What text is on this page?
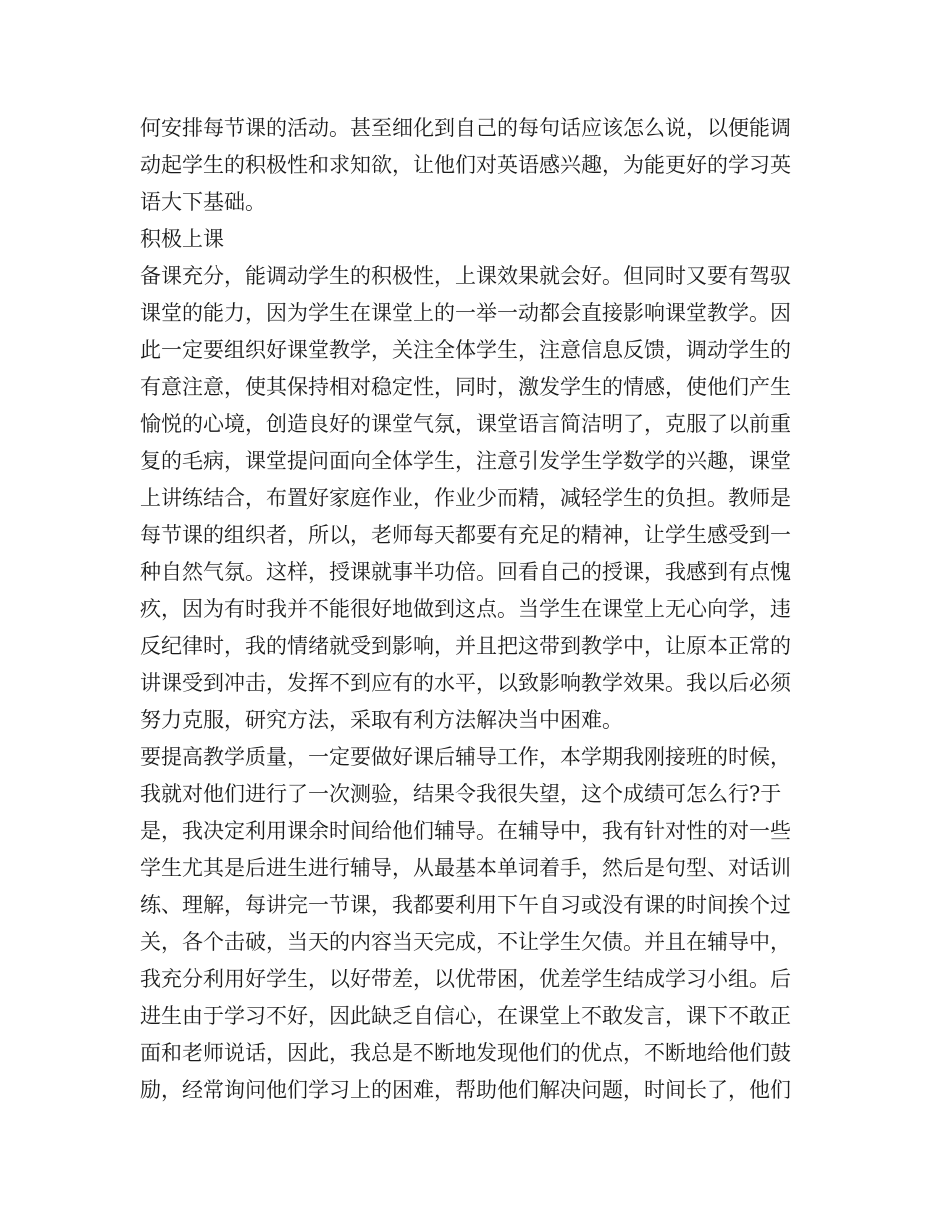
何安排每节课的活动。甚至细化到自己的每句话应该怎么说，以便能调
动起学生的积极性和求知欲，让他们对英语感兴趣，为能更好的学习英
语大下基础。

积极上课

备课充分，能调动学生的积极性，上课效果就会好。但同时又要有驾驭
课堂的能力，因为学生在课堂上的一举一动都会直接影响课堂教学。因
此一定要组织好课堂教学，关注全体学生，注意信息反馈，调动学生的
有意注意，使其保持相对稳定性，同时，激发学生的情感，使他们产生
愉悦的心境，创造良好的课堂气氛，课堂语言简洁明了，克服了以前重
复的毛病，课堂提问面向全体学生，注意引发学生学数学的兴趣，课堂
上讲练结合，布置好家庭作业，作业少而精，减轻学生的负担。教师是
每节课的组织者，所以，老师每天都要有充足的精神，让学生感受到一
种自然气氛。这样，授课就事半功倍。回看自己的授课，我感到有点愧
疚，因为有时我并不能很好地做到这点。当学生在课堂上无心向学，违
反纪律时，我的情绪就受到影响，并且把这带到教学中，让原本正常的
讲课受到冲击，发挥不到应有的水平，以致影响教学效果。我以后必须
努力克服，研究方法，采取有利方法解决当中困难。

要提高教学质量，一定要做好课后辅导工作，本学期我刚接班的时候，
我就对他们进行了一次测验，结果令我很失望，这个成绩可怎么行?于
是，我决定利用课余时间给他们辅导。在辅导中，我有针对性的对一些
学生尤其是后进生进行辅导，从最基本单词着手，然后是句型、对话训
练、理解，每讲完一节课，我都要利用下午自习或没有课的时间挨个过
关，各个击破，当天的内容当天完成，不让学生欠债。并且在辅导中，
我充分利用好学生，以好带差，以优带困，优差学生结成学习小组。后
进生由于学习不好，因此缺乏自信心，在课堂上不敢发言，课下不敢正
面和老师说话，因此，我总是不断地发现他们的优点，不断地给他们鼓
励，经常询问他们学习上的困难，帮助他们解决问题，时间长了，他们
